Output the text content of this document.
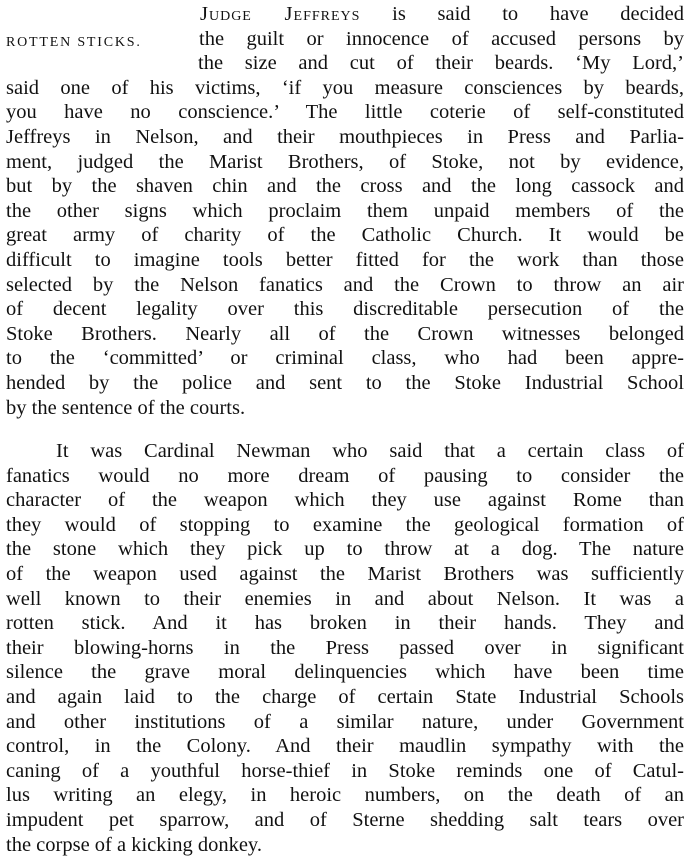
Judge Jeffreys is said to have decided
ROTTEN STICKS.	the guilt or innocence of accused persons by
the size and cut of their beards. ‘My Lord,’
said one of his victims, ‘if you measure consciences by beards,
you have no conscience.’ The little coterie of self-constituted
Jeffreys in Nelson, and their mouthpieces in Press and Parlia-
ment, judged the Marist Brothers, of Stoke, not by evidence,
but by the shaven chin and the cross and the long cassock and
the other signs which proclaim them unpaid members of the
great army of charity of the Catholic Church. It would be
difficult to imagine tools better fitted for the work than those
selected by the Nelson fanatics and the Crown to throw an air
of decent legality over this discreditable persecution of the
Stoke Brothers. Nearly all of the Crown witnesses belonged
to the ‘committed’ or criminal class, who had been appre-
hended by the police and sent to the Stoke Industrial School
by the sentence of the courts.
It was Cardinal Newman who said that a certain class of
fanatics would no more dream of pausing to consider the
character of the weapon which they use against Rome than
they would of stopping to examine the geological formation of
the stone which they pick up to throw at a dog. The nature
of the weapon used against the Marist Brothers was sufficiently
well known to their enemies in and about Nelson. It was a
rotten stick. And it has broken in their hands. They and
their blowing-horns in the Press passed over in significant
silence the grave moral delinquencies which have been time
and again laid to the charge of certain State Industrial Schools
and other institutions of a similar nature, under Government
control, in the Colony. And their maudlin sympathy with the
caning of a youthful horse-thief in Stoke reminds one of Catul-
lus writing an elegy, in heroic numbers, on the death of an
impudent pet sparrow, and of Sterne shedding salt tears over
the corpse of a kicking donkey.
